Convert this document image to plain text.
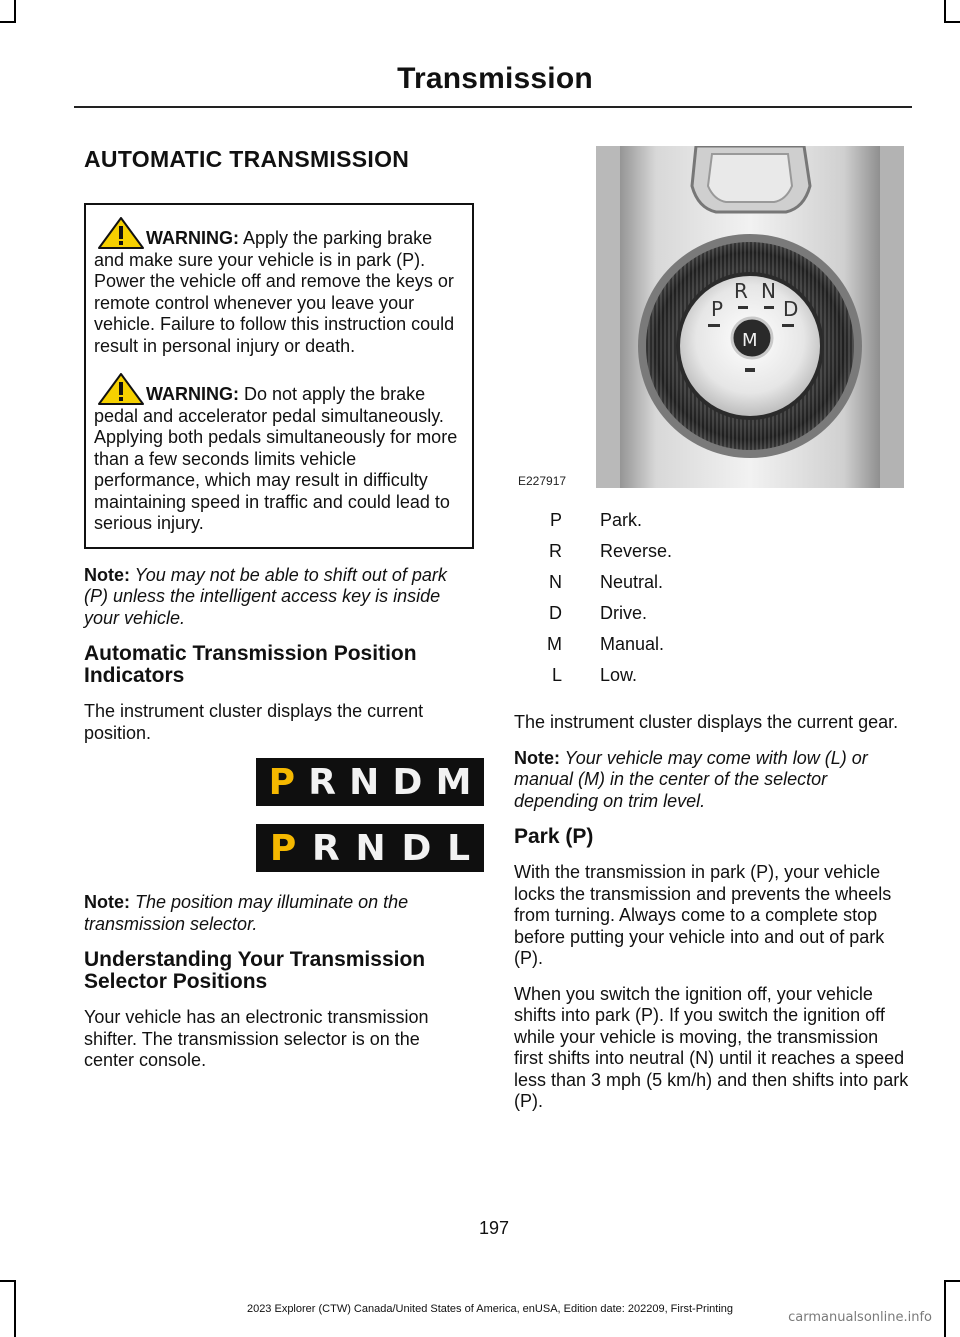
Transmission
AUTOMATIC TRANSMISSION

WARNING: Apply the parking brake and make sure your vehicle is in park (P). Power the vehicle off and remove the keys or remote control whenever you leave your vehicle. Failure to follow this instruction could result in personal injury or death.

WARNING: Do not apply the brake pedal and accelerator pedal simultaneously. Applying both pedals simultaneously for more than a few seconds limits vehicle performance, which may result in difficulty maintaining speed in traffic and could lead to serious injury.

Note: You may not be able to shift out of park (P) unless the intelligent access key is inside your vehicle.

Automatic Transmission Position Indicators

The instrument cluster displays the current position.

P R N D M
P R N D L

Note: The position may illuminate on the transmission selector.

Understanding Your Transmission Selector Positions

Your vehicle has an electronic transmission shifter. The transmission selector is on the center console.

P
R N
D
M
E227917
P Park.
R Reverse.
N Neutral.
D Drive.
M Manual.
L Low.

The instrument cluster displays the current gear.

Note: Your vehicle may come with low (L) or manual (M) in the center of the selector depending on trim level.

Park (P)

With the transmission in park (P), your vehicle locks the transmission and prevents the wheels from turning. Always come to a complete stop before putting your vehicle into and out of park (P).

When you switch the ignition off, your vehicle shifts into park (P). If you switch the ignition off while your vehicle is moving, the transmission first shifts into neutral (N) until it reaches a speed less than 3 mph (5 km/h) and then shifts into park (P).

197
2023 Explorer (CTW) Canada/United States of America, enUSA, Edition date: 202209, First-Printing
carmanualsonline.info
